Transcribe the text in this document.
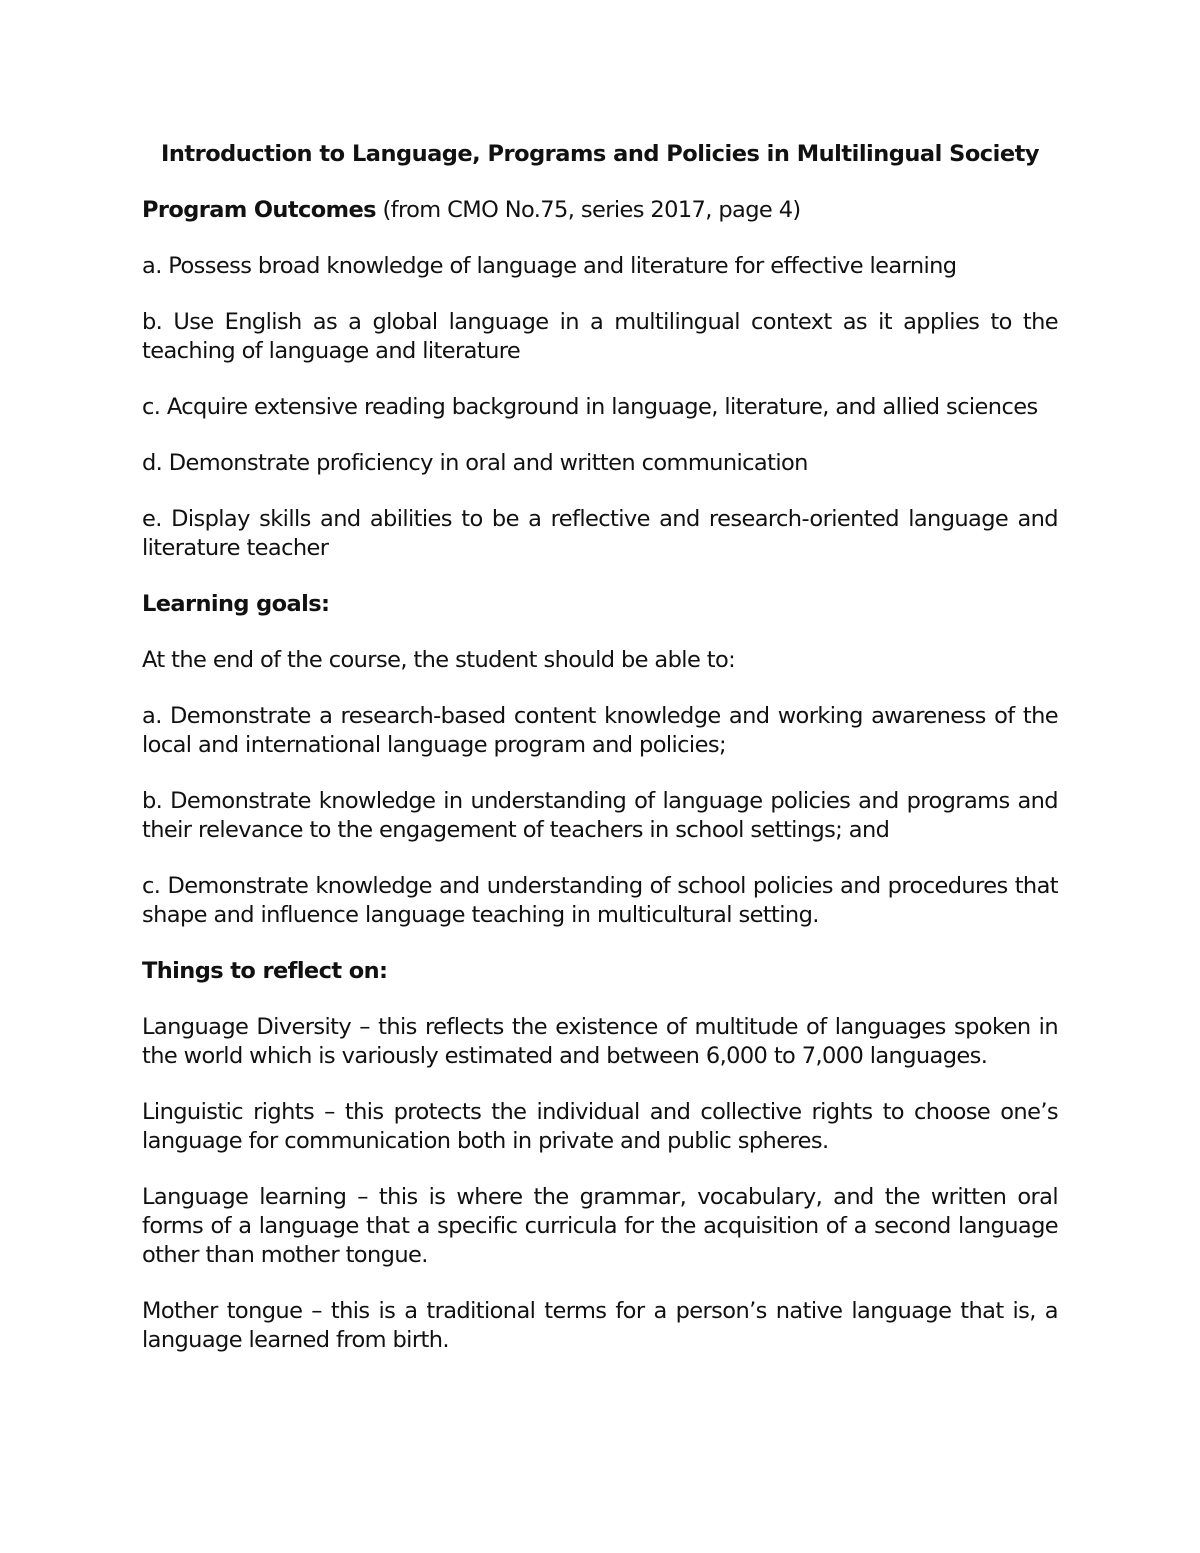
Introduction to Language, Programs and Policies in Multilingual Society
Program Outcomes (from CMO No.75, series 2017, page 4)
a. Possess broad knowledge of language and literature for effective learning
b. Use English as a global language in a multilingual context as it applies to the teaching of language and literature
c. Acquire extensive reading background in language, literature, and allied sciences
d. Demonstrate proficiency in oral and written communication
e. Display skills and abilities to be a reflective and research-oriented language and literature teacher
Learning goals:
At the end of the course, the student should be able to:
a. Demonstrate a research-based content knowledge and working awareness of the local and international language program and policies;
b. Demonstrate knowledge in understanding of language policies and programs and their relevance to the engagement of teachers in school settings; and
c. Demonstrate knowledge and understanding of school policies and procedures that shape and influence language teaching in multicultural setting.
Things to reflect on:
Language Diversity – this reflects the existence of multitude of languages spoken in the world which is variously estimated and between 6,000 to 7,000 languages.
Linguistic rights – this protects the individual and collective rights to choose one’s language for communication both in private and public spheres.
Language learning – this is where the grammar, vocabulary, and the written oral forms of a language that a specific curricula for the acquisition of a second language other than mother tongue.
Mother tongue – this is a traditional terms for a person’s native language that is, a language learned from birth.
